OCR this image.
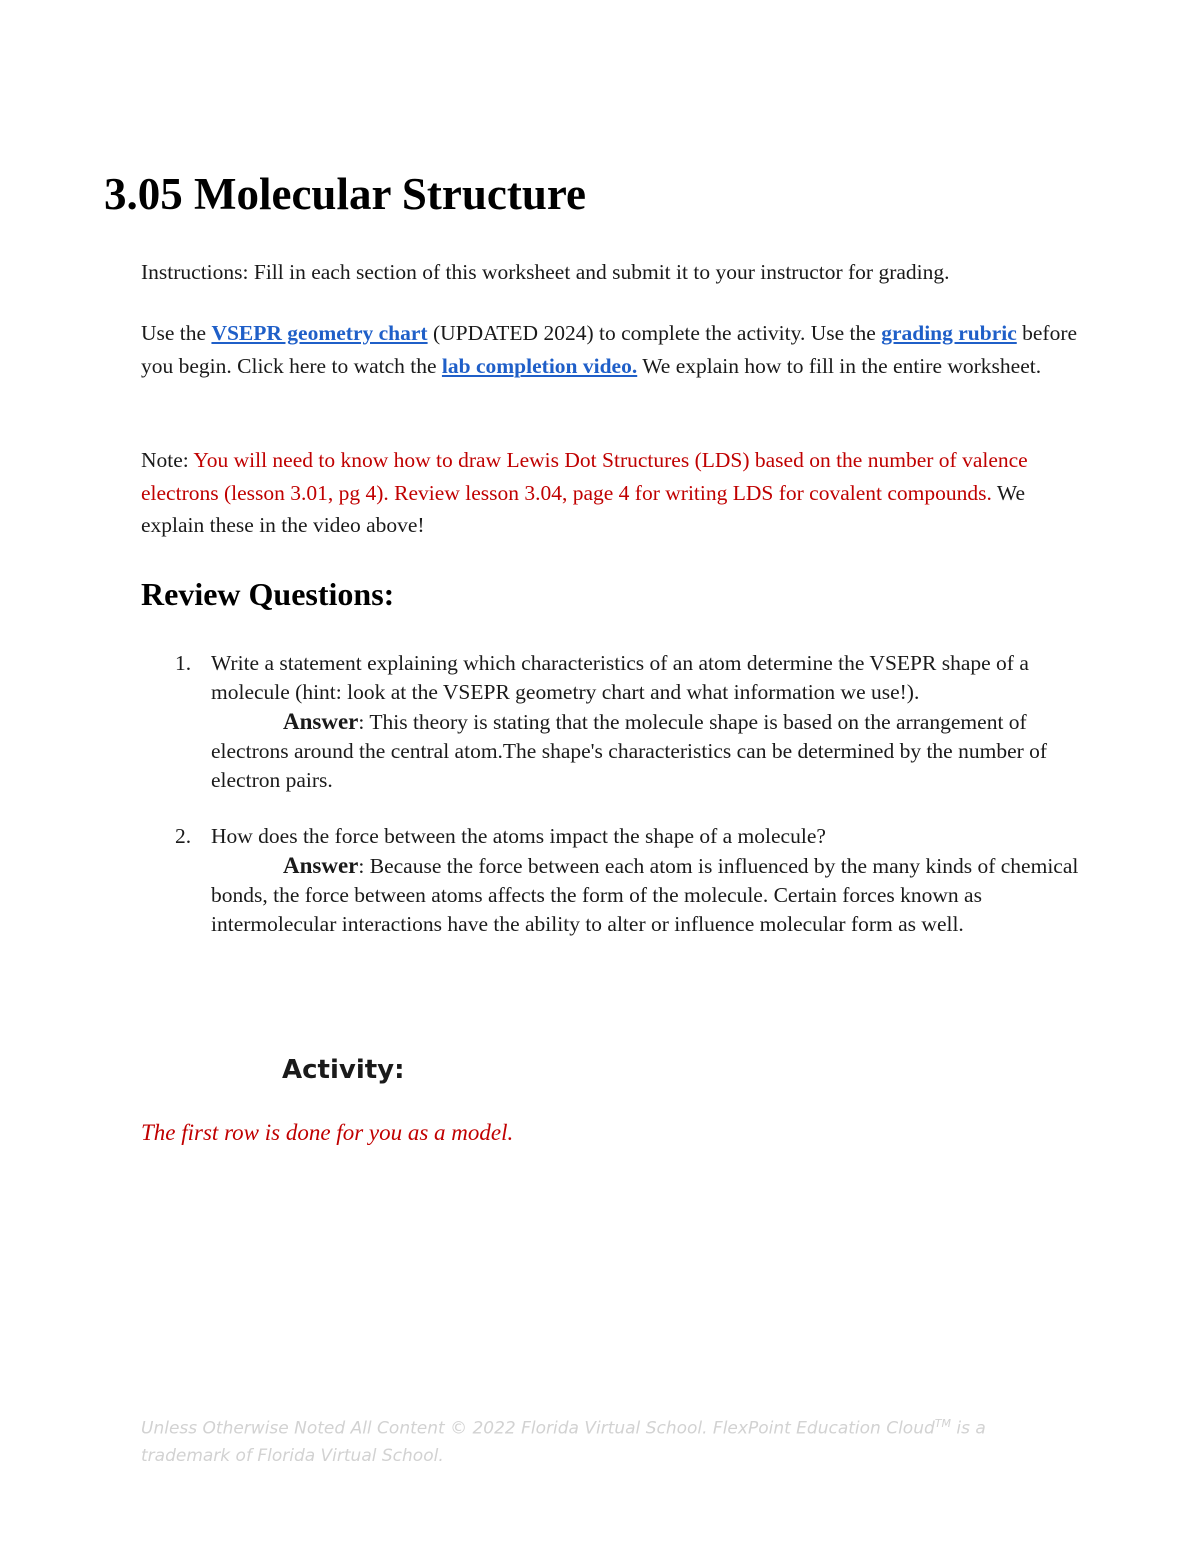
3.05 Molecular Structure

Instructions: Fill in each section of this worksheet and submit it to your instructor for grading.

Use the VSEPR geometry chart (UPDATED 2024) to complete the activity. Use the grading rubric before you begin. Click here to watch the lab completion video. We explain how to fill in the entire worksheet.

Note: You will need to know how to draw Lewis Dot Structures (LDS) based on the number of valence electrons (lesson 3.01, pg 4). Review lesson 3.04, page 4 for writing LDS for covalent compounds. We explain these in the video above!

Review Questions:
1. Write a statement explaining which characteristics of an atom determine the VSEPR shape of a molecule (hint: look at the VSEPR geometry chart and what information we use!).
Answer: This theory is stating that the molecule shape is based on the arrangement of electrons around the central atom.The shape's characteristics can be determined by the number of electron pairs.
2. How does the force between the atoms impact the shape of a molecule?
Answer: Because the force between each atom is influenced by the many kinds of chemical bonds, the force between atoms affects the form of the molecule. Certain forces known as intermolecular interactions have the ability to alter or influence molecular form as well.
Activity:

The first row is done for you as a model.

Unless Otherwise Noted All Content © 2022 Florida Virtual School. FlexPoint Education Cloud™ is a trademark of Florida Virtual School.
